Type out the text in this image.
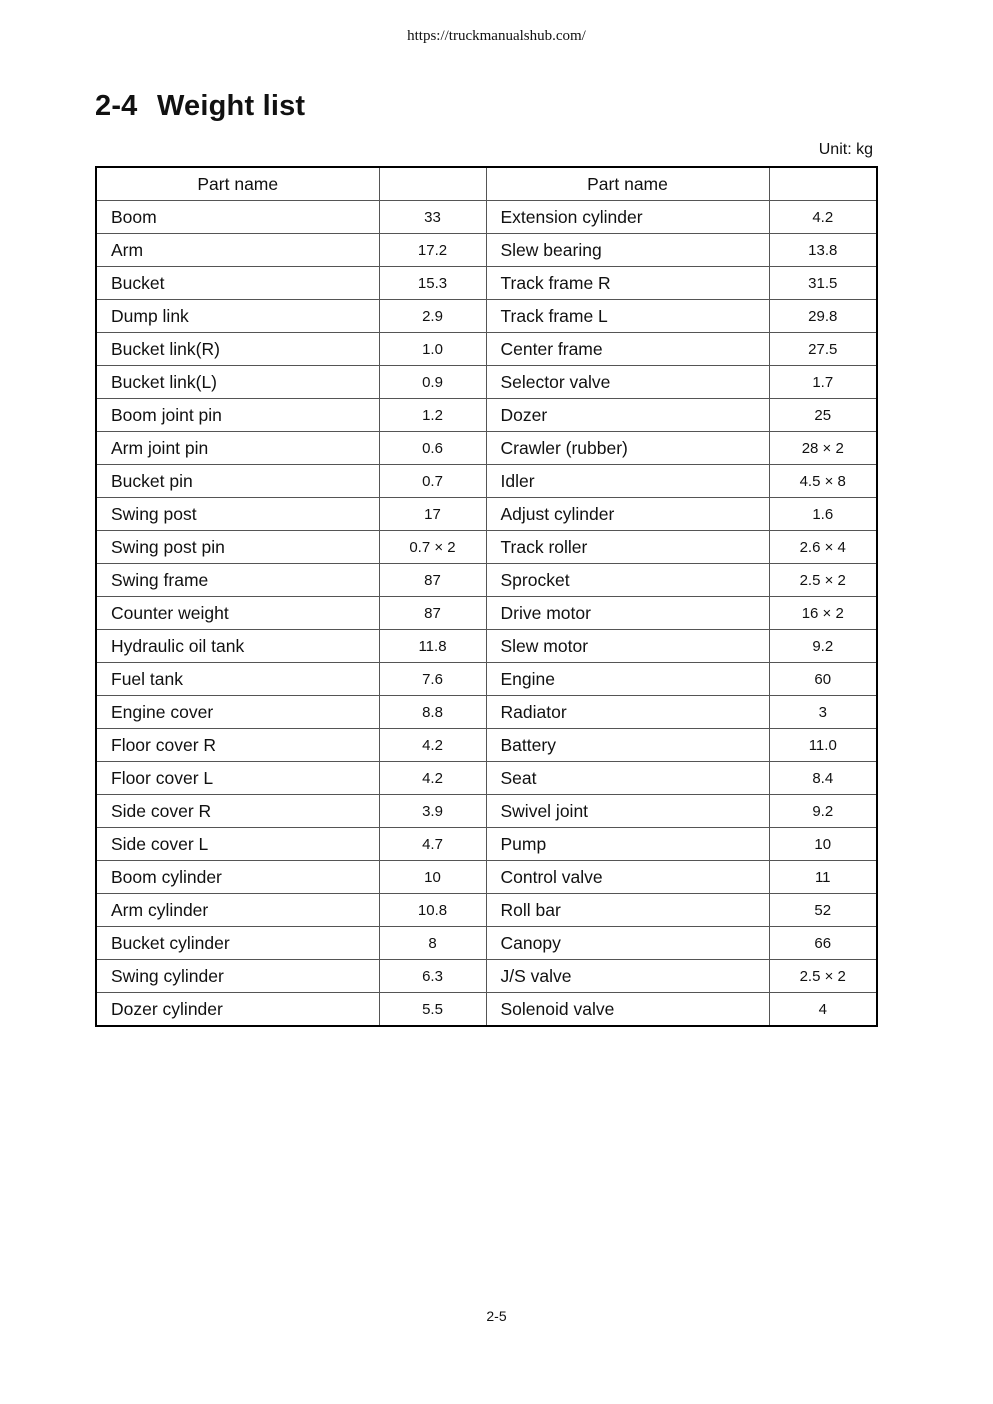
https://truckmanualshub.com/
2-4 Weight list
Unit: kg
Part name		Part name	
Boom	33	Extension cylinder	4.2
Arm	17.2	Slew bearing	13.8
Bucket	15.3	Track frame R	31.5
Dump link	2.9	Track frame L	29.8
Bucket link(R)	1.0	Center frame	27.5
Bucket link(L)	0.9	Selector valve	1.7
Boom joint pin	1.2	Dozer	25
Arm joint pin	0.6	Crawler (rubber)	28 × 2
Bucket pin	0.7	Idler	4.5 × 8
Swing post	17	Adjust cylinder	1.6
Swing post pin	0.7 × 2	Track roller	2.6 × 4
Swing frame	87	Sprocket	2.5 × 2
Counter weight	87	Drive motor	16 × 2
Hydraulic oil tank	11.8	Slew motor	9.2
Fuel tank	7.6	Engine	60
Engine cover	8.8	Radiator	3
Floor cover R	4.2	Battery	11.0
Floor cover L	4.2	Seat	8.4
Side cover R	3.9	Swivel joint	9.2
Side cover L	4.7	Pump	10
Boom cylinder	10	Control valve	11
Arm cylinder	10.8	Roll bar	52
Bucket cylinder	8	Canopy	66
Swing cylinder	6.3	J/S valve	2.5 × 2
Dozer cylinder	5.5	Solenoid valve	4
2-5
